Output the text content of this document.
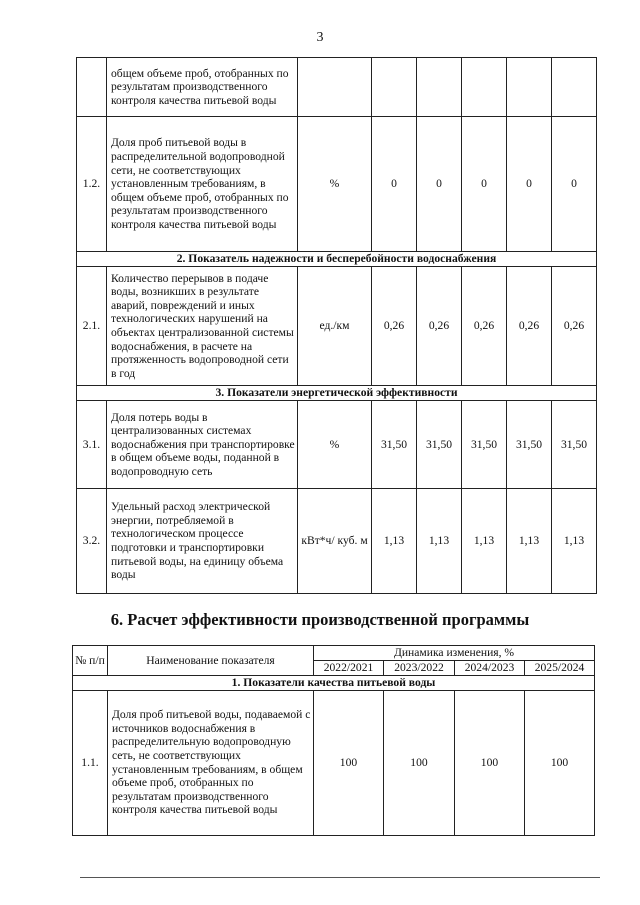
3
	общем объеме проб, отобранных по результатам производственного контроля качества питьевой воды						
1.2.	Доля проб питьевой воды в распределительной водопроводной сети, не соответствующих установленным требованиям, в общем объеме проб, отобранных по результатам производственного контроля качества питьевой воды	%	0	0	0	0	0
2. Показатель надежности и бесперебойности водоснабжения							
2.1.	Количество перерывов в подаче воды, возникших в результате аварий, повреждений и иных технологических нарушений на объектах централизованной системы водоснабжения, в расчете на протяженность водопроводной сети в год	ед./км	0,26	0,26	0,26	0,26	0,26
3. Показатели энергетической эффективности							
3.1.	Доля потерь воды в централизованных системах водоснабжения при транспортировке в общем объеме воды, поданной в водопроводную сеть	%	31,50	31,50	31,50	31,50	31,50
3.2.	Удельный расход электрической энергии, потребляемой в технологическом процессе подготовки и транспортировки питьевой воды, на единицу объема воды	кВт*ч/ куб. м	1,13	1,13	1,13	1,13	1,13
6. Расчет эффективности производственной программы
№ п/п	Наименование показателя	Динамика изменения, %			
		2022/2021	2023/2022	2024/2023	2025/2024
1. Показатели качества питьевой воды					
1.1.	Доля проб питьевой воды, подаваемой с источников водоснабжения в распределительную водопроводную сеть, не соответствующих установленным требованиям, в общем объеме проб, отобранных по результатам производственного контроля качества питьевой воды	100	100	100	100
